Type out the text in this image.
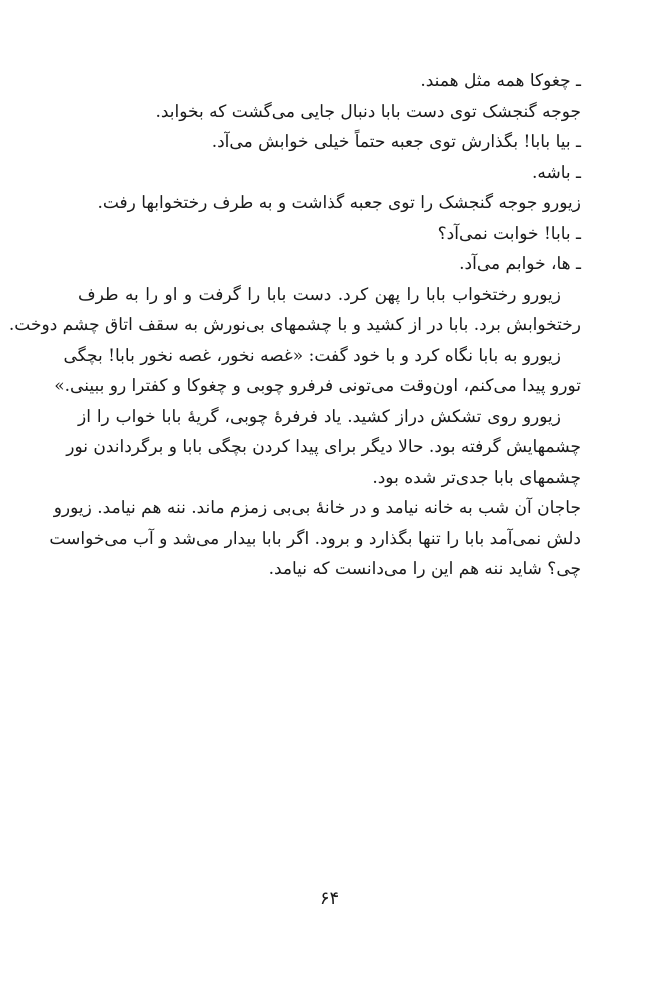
ـ چغوکا همه مثل همند.
جوجه گنجشک توی دست بابا دنبال جایی می‌گشت که بخوابد.
ـ بیا بابا! بگذارش توی جعبه حتماً خیلی خوابش می‌آد.
ـ باشه.
زیورو جوجه گنجشک را توی جعبه گذاشت و به طرف رختخوابها رفت.
ـ بابا! خوابت نمی‌آد؟
ـ ها، خوابم می‌آد.
زیورو رختخواب بابا را پهن کرد. دست بابا را گرفت و او را به طرف
رختخوابش برد. بابا در از کشید و با چشمهای بی‌نورش به سقف اتاق چشم دوخت.
زیورو به بابا نگاه کرد و با خود گفت: «غصه نخور، غصه نخور بابا! بچگی
تورو پیدا می‌کنم، اون‌وقت می‌تونی فرفرو چوبی و چغوکا و کفترا رو ببینی.»
زیورو روی تشکش دراز کشید. یاد فرفرهٔ چوبی، گریهٔ بابا خواب را از
چشمهایش گرفته بود. حالا دیگر برای پیدا کردن بچگی بابا و برگرداندن نور
چشمهای بابا جدی‌تر شده بود.
جاجان آن شب به خانه نیامد و در خانهٔ بی‌بی زمزم ماند. ننه هم نیامد. زیورو
دلش نمی‌آمد بابا را تنها بگذارد و برود. اگر بابا بیدار می‌شد و آب می‌خواست
چی؟ شاید ننه هم این را می‌دانست که نیامد.
۶۴
